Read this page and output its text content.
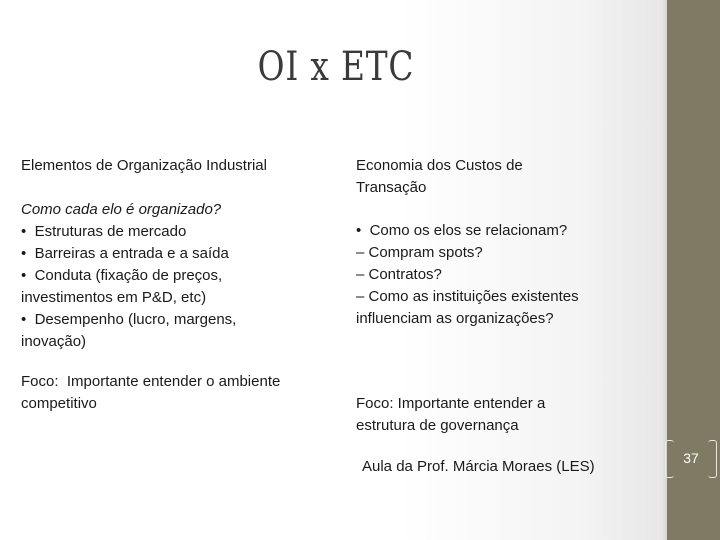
OI x ETC
Elementos de Organização Industrial
Como cada elo é organizado?
•  Estruturas de mercado
•  Barreiras a entrada e a saída
•  Conduta (fixação de preços,
investimentos em P&D, etc)
•  Desempenho (lucro, margens,
inovação)
Foco:  Importante entender o ambiente
competitivo
Economia dos Custos de
Transação
•  Como os elos se relacionam?
– Compram spots?
– Contratos?
– Como as instituições existentes
influenciam as organizações?
Foco: Importante entender a
estrutura de governança
37
Aula da Prof. Márcia Moraes (LES)
